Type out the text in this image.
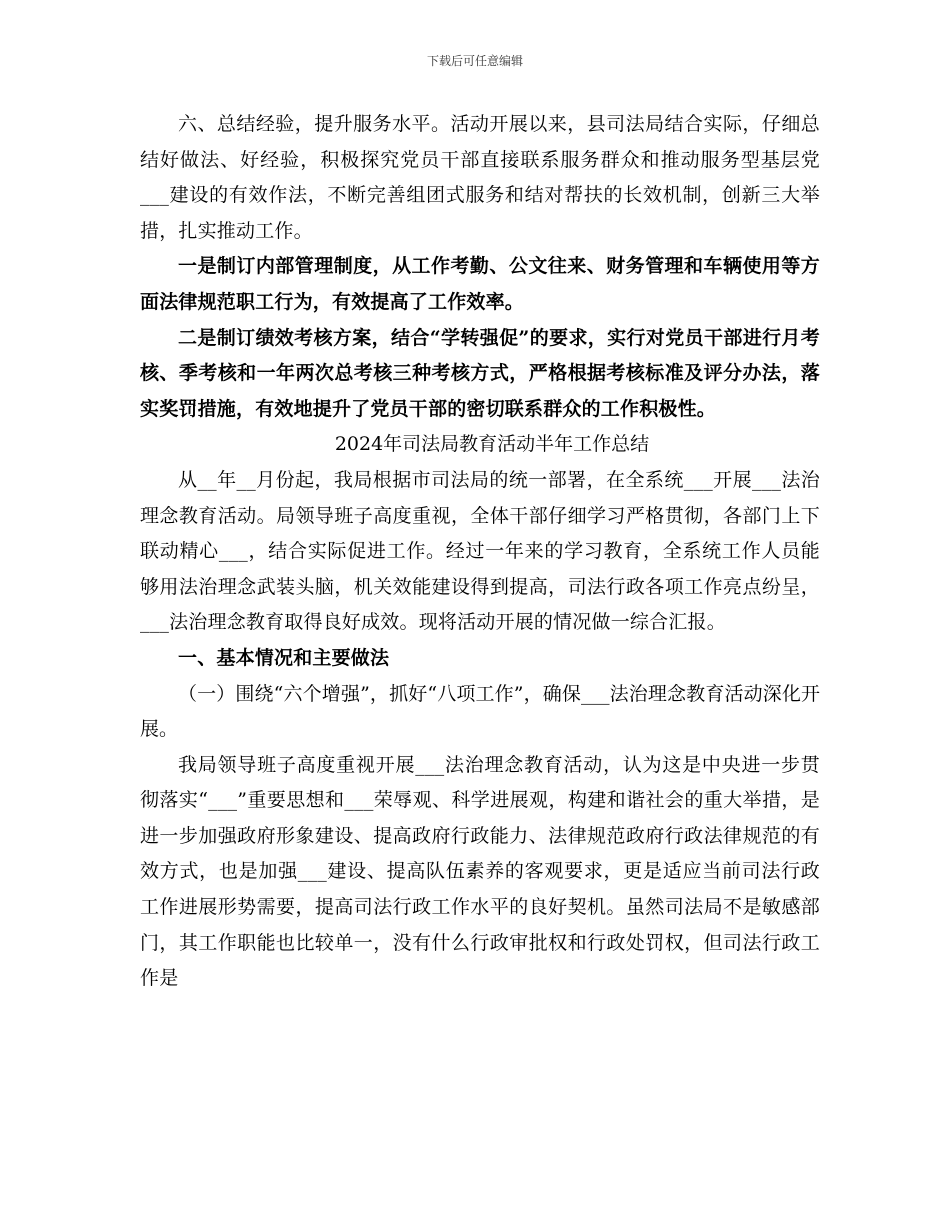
下载后可任意编辑

六、总结经验，提升服务水平。活动开展以来，县司法局结合实际，仔细总结好做法、好经验，积极探究党员干部直接联系服务群众和推动服务型基层党___建设的有效作法，不断完善组团式服务和结对帮扶的长效机制，创新三大举措，扎实推动工作。

一是制订内部管理制度，从工作考勤、公文往来、财务管理和车辆使用等方面法律规范职工行为，有效提高了工作效率。

二是制订绩效考核方案，结合“学转强促”的要求，实行对党员干部进行月考核、季考核和一年两次总考核三种考核方式，严格根据考核标准及评分办法，落实奖罚措施，有效地提升了党员干部的密切联系群众的工作积极性。

2024年司法局教育活动半年工作总结

从__年__月份起，我局根据市司法局的统一部署，在全系统___开展___法治理念教育活动。局领导班子高度重视，全体干部仔细学习严格贯彻，各部门上下联动精心___，结合实际促进工作。经过一年来的学习教育，全系统工作人员能够用法治理念武装头脑，机关效能建设得到提高，司法行政各项工作亮点纷呈，___法治理念教育取得良好成效。现将活动开展的情况做一综合汇报。

一、基本情况和主要做法

（一）围绕“六个增强”，抓好“八项工作”，确保___法治理念教育活动深化开展。

我局领导班子高度重视开展___法治理念教育活动，认为这是中央进一步贯彻落实“___”重要思想和___荣辱观、科学进展观，构建和谐社会的重大举措，是进一步加强政府形象建设、提高政府行政能力、法律规范政府行政法律规范的有效方式，也是加强___建设、提高队伍素养的客观要求，更是适应当前司法行政工作进展形势需要，提高司法行政工作水平的良好契机。虽然司法局不是敏感部门，其工作职能也比较单一，没有什么行政审批权和行政处罚权，但司法行政工作是
